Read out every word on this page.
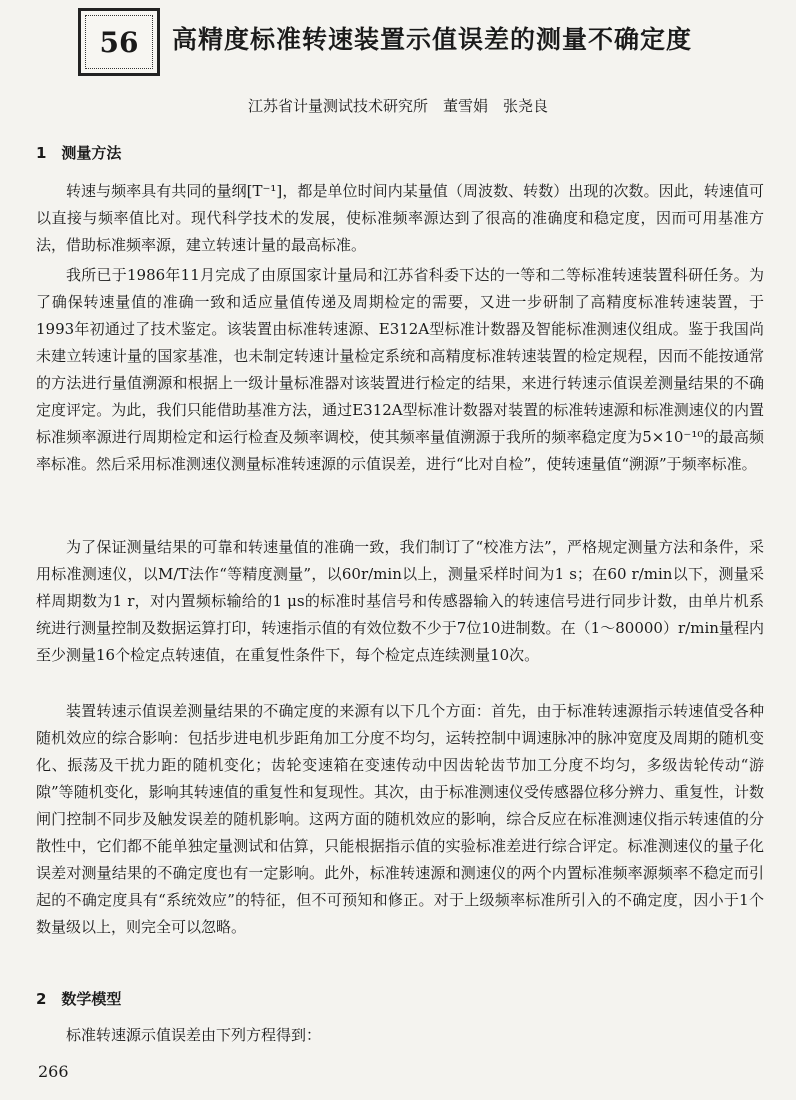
56 高精度标准转速装置示值误差的测量不确定度
江苏省计量测试技术研究所　董雪娟　张尧良
1　测量方法

转速与频率具有共同的量纲[T⁻¹]，都是单位时间内某量值（周波数、转数）出现的次数。因此，转速值可以直接与频率值比对。现代科学技术的发展，使标准频率源达到了很高的准确度和稳定度，因而可用基准方法，借助标准频率源，建立转速计量的最高标准。

我所已于1986年11月完成了由原国家计量局和江苏省科委下达的一等和二等标准转速装置科研任务。为了确保转速量值的准确一致和适应量值传递及周期检定的需要，又进一步研制了高精度标准转速装置，于1993年初通过了技术鉴定。该装置由标准转速源、E312A型标准计数器及智能标准测速仪组成。鉴于我国尚未建立转速计量的国家基准，也未制定转速计量检定系统和高精度标准转速装置的检定规程，因而不能按通常的方法进行量值溯源和根据上一级计量标准器对该装置进行检定的结果，来进行转速示值误差测量结果的不确定度评定。为此，我们只能借助基准方法，通过E312A型标准计数器对装置的标准转速源和标准测速仪的内置标准频率源进行周期检定和运行检查及频率调校，使其频率量值溯源于我所的频率稳定度为5×10⁻¹⁰的最高频率标准。然后采用标准测速仪测量标准转速源的示值误差，进行“比对自检”，使转速量值“溯源”于频率标准。

为了保证测量结果的可靠和转速量值的准确一致，我们制订了“校准方法”，严格规定测量方法和条件，采用标准测速仪，以M/T法作“等精度测量”，以60r/min以上，测量采样时间为1 s；在60 r/min以下，测量采样周期数为1 r，对内置频标输给的1 μs的标准时基信号和传感器输入的转速信号进行同步计数，由单片机系统进行测量控制及数据运算打印，转速指示值的有效位数不少于7位10进制数。在（1～80000）r/min量程内至少测量16个检定点转速值，在重复性条件下，每个检定点连续测量10次。

装置转速示值误差测量结果的不确定度的来源有以下几个方面：首先，由于标准转速源指示转速值受各种随机效应的综合影响：包括步进电机步距角加工分度不均匀，运转控制中调速脉冲的脉冲宽度及周期的随机变化、振荡及干扰力距的随机变化；齿轮变速箱在变速传动中因齿轮齿节加工分度不均匀，多级齿轮传动“游隙”等随机变化，影响其转速值的重复性和复现性。其次，由于标准测速仪受传感器位移分辨力、重复性，计数闸门控制不同步及触发误差的随机影响。这两方面的随机效应的影响，综合反应在标准测速仪指示转速值的分散性中，它们都不能单独定量测试和估算，只能根据指示值的实验标准差进行综合评定。标准测速仪的量子化误差对测量结果的不确定度也有一定影响。此外，标准转速源和测速仪的两个内置标准频率源频率不稳定而引起的不确定度具有“系统效应”的特征，但不可预知和修正。对于上级频率标准所引入的不确定度，因小于1个数量级以上，则完全可以忽略。

2　数学模型

标准转速源示值误差由下列方程得到：

266
